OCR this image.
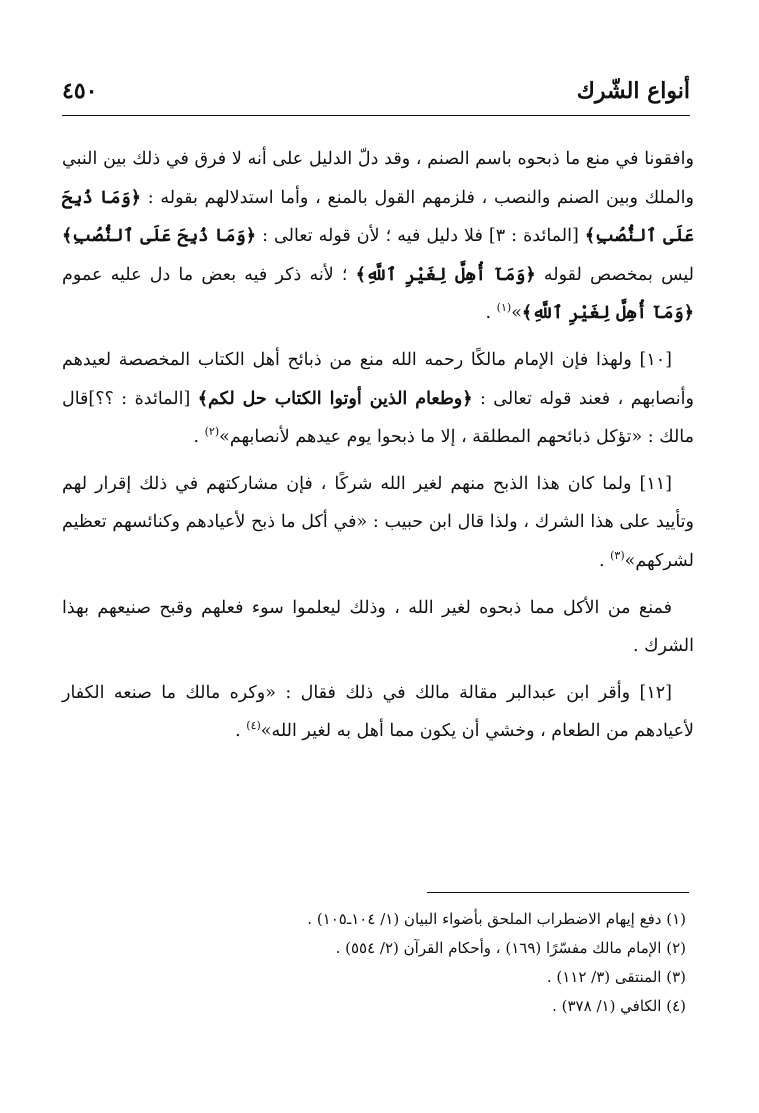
أنواع الشّرك
٤٥٠

وافقونا في منع ما ذبحوه باسم الصنم ، وقد دلّ الدليل على أنه لا فرق في ذلك بين النبي والملك وبين الصنم والنصب ، فلزمهم القول بالمنع ، وأما استدلالهم بقوله : ﴿وَمَا ذُبِحَ عَلَى ٱلنُّصُبِ﴾ [المائدة : ٣] فلا دليل فيه ؛ لأن قوله تعالى : ﴿وَمَا ذُبِحَ عَلَى ٱلنُّصُبِ﴾ ليس بمخصص لقوله ﴿وَمَآ أُهِلَّ لِغَيْرِ ٱللَّهِ﴾ ؛ لأنه ذكر فيه بعض ما دل عليه عموم ﴿وَمَآ أُهِلَّ لِغَيْرِ ٱللَّهِ﴾»$^{(١)}$ .

[١٠] ولهذا فإن الإمام مالكًا رحمه الله منع من ذبائح أهل الكتاب المخصصة لعيدهم وأنصابهم ، فعند قوله تعالى : ﴿وطعام الذين أوتوا الكتاب حل لكم﴾ [المائدة : ؟؟]قال مالك : «تؤكل ذبائحهم المطلقة ، إلا ما ذبحوا يوم عيدهم لأنصابهم»$^{(٢)}$ .

[١١] ولما كان هذا الذبح منهم لغير الله شركًا ، فإن مشاركتهم في ذلك إقرار لهم وتأييد على هذا الشرك ، ولذا قال ابن حبيب : «في أكل ما ذبح لأعيادهم وكنائسهم تعظيم لشركهم»$^{(٣)}$ .

فمنع من الأكل مما ذبحوه لغير الله ، وذلك ليعلموا سوء فعلهم وقبح صنيعهم بهذا الشرك .

[١٢] وأقر ابن عبدالبر مقالة مالك في ذلك فقال : «وكره مالك ما صنعه الكفار لأعيادهم من الطعام ، وخشي أن يكون مما أهل به لغير الله»$^{(٤)}$ .

(١) دفع إيهام الاضطراب الملحق بأضواء البيان (١/ ١٠٤ـ١٠٥) .

(٢) الإمام مالك مفسّرًا (١٦٩) ، وأحكام القرآن (٢/ ٥٥٤) .

(٣) المنتقى (٣/ ١١٢) .

(٤) الكافي (١/ ٣٧٨) .
